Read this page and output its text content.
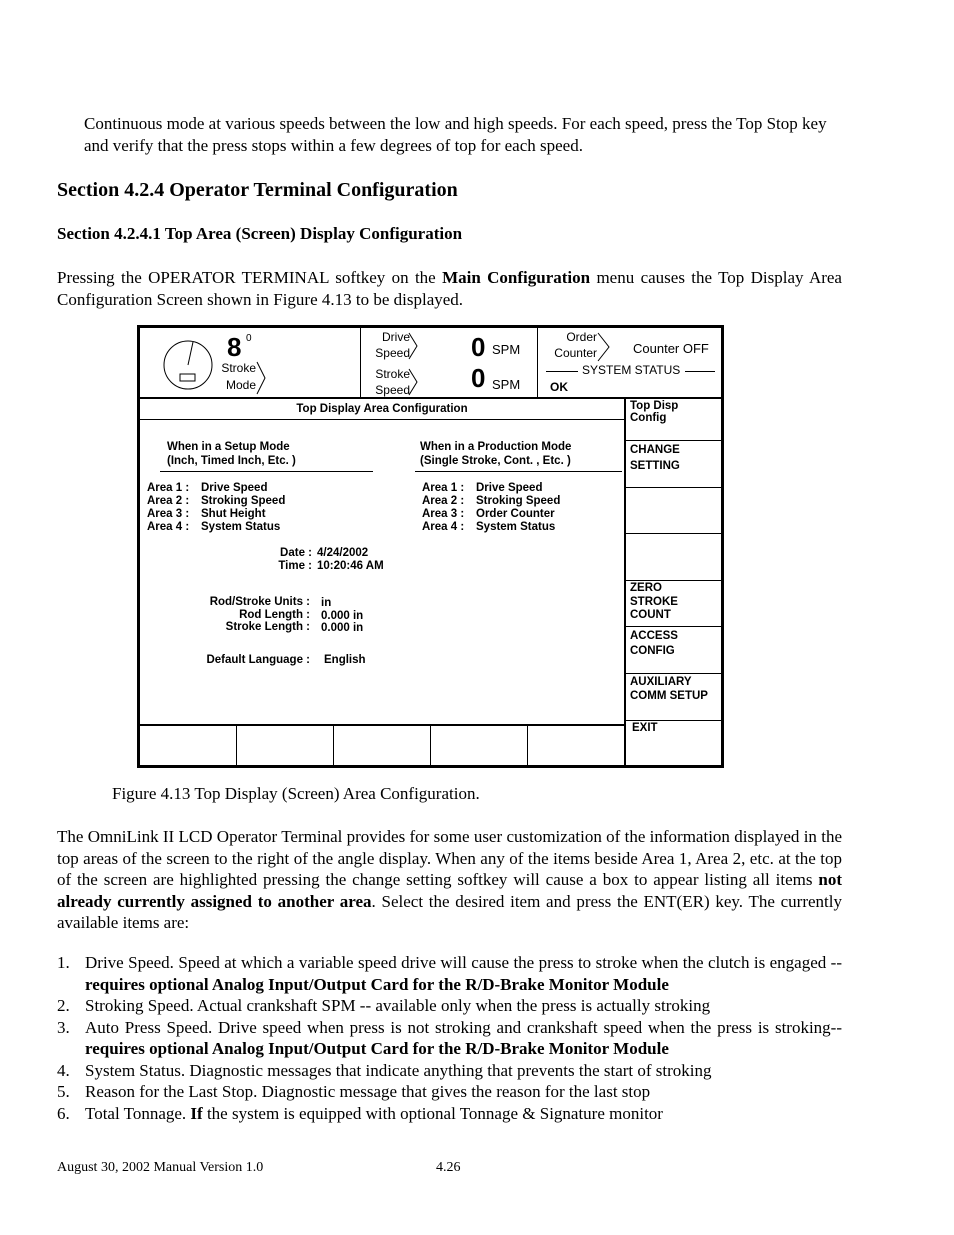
Continuous mode at various speeds between the low and high speeds. For each speed, press the Top Stop key and verify that the press stops within a few degrees of top for each speed.
Section 4.2.4 Operator Terminal Configuration
Section 4.2.4.1 Top Area (Screen) Display Configuration
Pressing the OPERATOR TERMINAL softkey on the Main Configuration menu causes the Top Display Area Configuration Screen shown in Figure 4.13 to be displayed.
8 0
Stroke
Mode
Drive
Speed
Stroke
Speed
0 SPM
0 SPM
Order
Counter	Counter OFF
SYSTEM STATUS
OK
Top Display Area Configuration
When in a Setup Mode
(Inch, Timed Inch, Etc. )
When in a Production Mode
(Single Stroke, Cont. , Etc. )
Area 1 : Drive Speed
Area 2 : Stroking Speed
Area 3 : Shut Height
Area 4 : System Status
Area 1 : Drive Speed
Area 2 : Stroking Speed
Area 3 : Order Counter
Area 4 : System Status
Date : 4/24/2002
Time : 10:20:46 AM
Rod/Stroke Units : in
Rod Length : 0.000 in
Stroke Length : 0.000 in
Default Language : English
Top Disp
Config
CHANGE
SETTING
ZERO
STROKE
COUNT
ACCESS
CONFIG
AUXILIARY
COMM SETUP
EXIT
Figure 4.13 Top Display (Screen) Area Configuration.
The OmniLink II LCD Operator Terminal provides for some user customization of the information displayed in the top areas of the screen to the right of the angle display. When any of the items beside Area 1, Area 2, etc. at the top of the screen are highlighted pressing the change setting softkey will cause a box to appear listing all items not already currently assigned to another area. Select the desired item and press the ENT(ER) key. The currently available items are:
1. Drive Speed. Speed at which a variable speed drive will cause the press to stroke when the clutch is engaged -- requires optional Analog Input/Output Card for the R/D-Brake Monitor Module
2. Stroking Speed. Actual crankshaft SPM -- available only when the press is actually stroking
3. Auto Press Speed. Drive speed when press is not stroking and crankshaft speed when the press is stroking-- requires optional Analog Input/Output Card for the R/D-Brake Monitor Module
4. System Status. Diagnostic messages that indicate anything that prevents the start of stroking
5. Reason for the Last Stop. Diagnostic message that gives the reason for the last stop
6. Total Tonnage. If the system is equipped with optional Tonnage & Signature monitor
August 30, 2002 Manual Version 1.0	4.26
